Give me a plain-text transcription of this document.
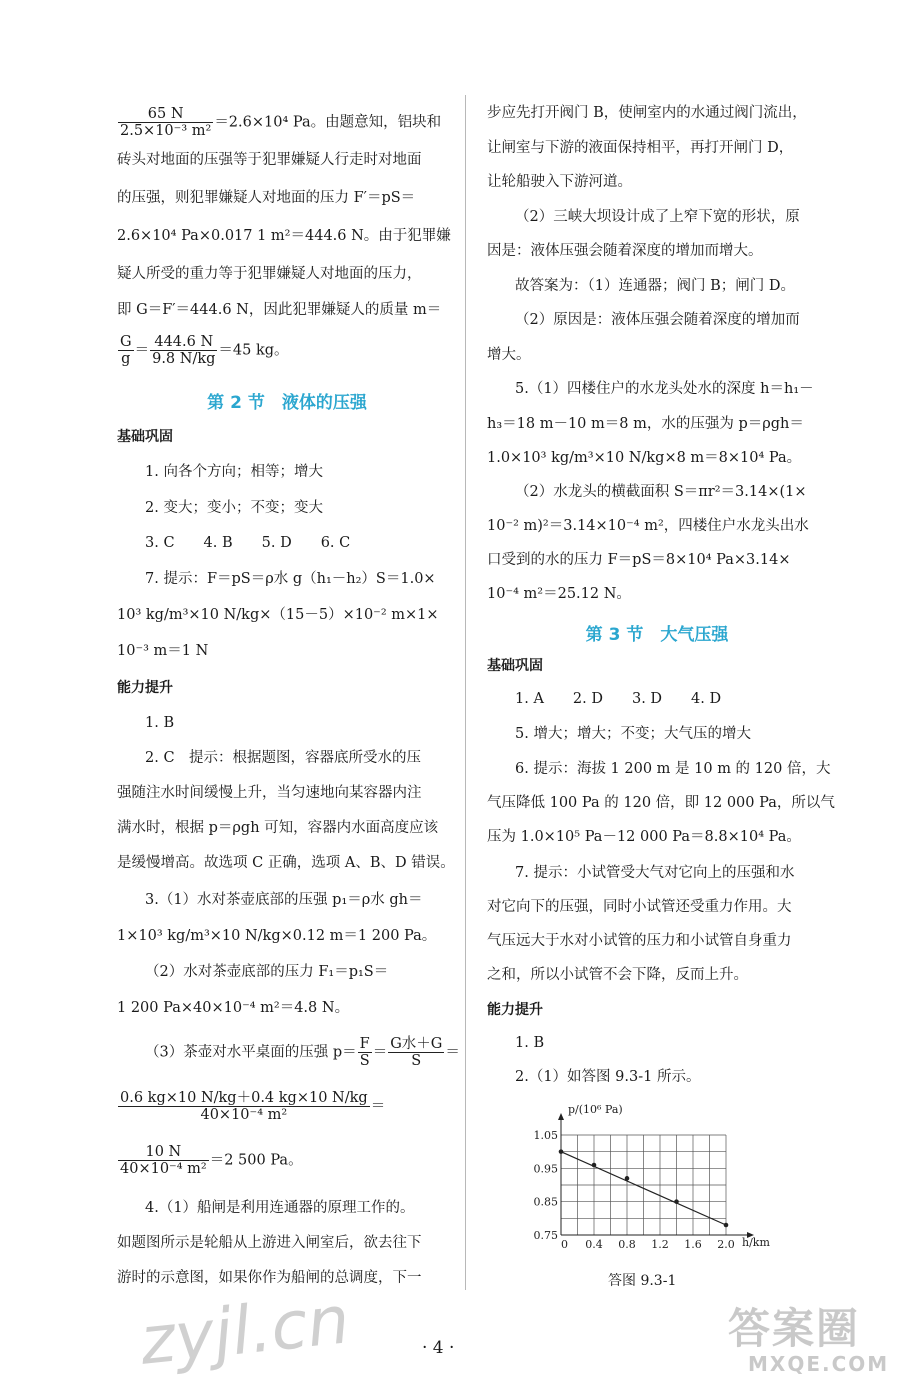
$\frac{65 N}{\text{2.5×10⁻³ m²}} =2.6\times 10^4$ Pa。由题意知，铝块和
砖头对地面的压强等于犯罪嫌疑人行走时对地面
的压强，则犯罪嫌疑人对地面的压力 F′＝pS＝
2.6×10⁴ Pa×0.017 1 m²＝444.6 N。由于犯罪嫌
疑人所受的重力等于犯罪嫌疑人对地面的压力，
即 G＝F′＝444.6 N，因此犯罪嫌疑人的质量 m＝
$\frac{G}{g} = \frac{444.6 N}{9.8 N/kg} =45$ kg。
第 2 节　液体的压强
基础巩固
1. 向各个方向；相等；增大
2. 变大；变小；不变；变大
3. C　　4. B　　5. D　　6. C
7. 提示：F＝pS＝ρ水 g（h₁－h₂）S＝1.0×
10³ kg/m³×10 N/kg×（15－5）×10⁻² m×1×
10⁻³ m＝1 N
能力提升
1. B
2. C　提示：根据题图，容器底所受水的压
强随注水时间缓慢上升，当匀速地向某容器内注
满水时，根据 p＝ρgh 可知，容器内水面高度应该
是缓慢增高。故选项 C 正确，选项 A、B、D 错误。
3.（1）水对茶壶底部的压强 p₁＝ρ水 gh＝
1×10³ kg/m³×10 N/kg×0.12 m＝1 200 Pa。
（2）水对茶壶底部的压力 F₁＝p₁S＝
1 200 Pa×40×10⁻⁴ m²＝4.8 N。
（3）茶壶对水平桌面的压强 $p= \frac{F}{S} = \frac{\text{G水＋G}}{S}$ ＝
$\frac{0.6 kg\times 10 N/kg+0.4 kg\times 10 N/kg}{\text{40×10⁻⁴ m²}}$ ＝
$\frac{10 N}{\text{40×10⁻⁴ m²}} =2$ 500 Pa。
4.（1）船闸是利用连通器的原理工作的。
如题图所示是轮船从上游进入闸室后，欲去往下
游时的示意图，如果你作为船闸的总调度，下一
步应先打开阀门 B，使闸室内的水通过阀门流出，
让闸室与下游的液面保持相平，再打开闸门 D，
让轮船驶入下游河道。
（2）三峡大坝设计成了上窄下宽的形状，原
因是：液体压强会随着深度的增加而增大。
故答案为：（1）连通器；阀门 B；闸门 D。
（2）原因是：液体压强会随着深度的增加而
增大。
5.（1）四楼住户的水龙头处水的深度 h＝h₁－
h₃＝18 m－10 m＝8 m，水的压强为 p＝ρgh＝
1.0×10³ kg/m³×10 N/kg×8 m＝8×10⁴ Pa。
（2）水龙头的横截面积 S＝πr²＝3.14×(1×
10⁻² m)²＝3.14×10⁻⁴ m²，四楼住户水龙头出水
口受到的水的压力 F＝pS＝8×10⁴ Pa×3.14×
10⁻⁴ m²＝25.12 N。
第 3 节　大气压强
基础巩固
1. A　　2. D　　3. D　　4. D
5. 增大；增大；不变；大气压的增大
6. 提示：海拔 1 200 m 是 10 m 的 120 倍，大
气压降低 100 Pa 的 120 倍，即 12 000 Pa，所以气
压为 1.0×10⁵ Pa－12 000 Pa＝8.8×10⁴ Pa。
7. 提示：小试管受大气对它向上的压强和水
对它向下的压强，同时小试管还受重力作用。大
气压远大于水对小试管的压力和小试管自身重力
之和，所以小试管不会下降，反而上升。
能力提升
1. B
2.（1）如答图 9.3-1 所示。
0 0.4 0.8 1.2 1.6 2.0
0.75
0.85
0.95
1.05
p/(10⁶ Pa)
h/km
答图 9.3-1
· 4 ·
zyjl.cn	答案圈
MXQE.COM
